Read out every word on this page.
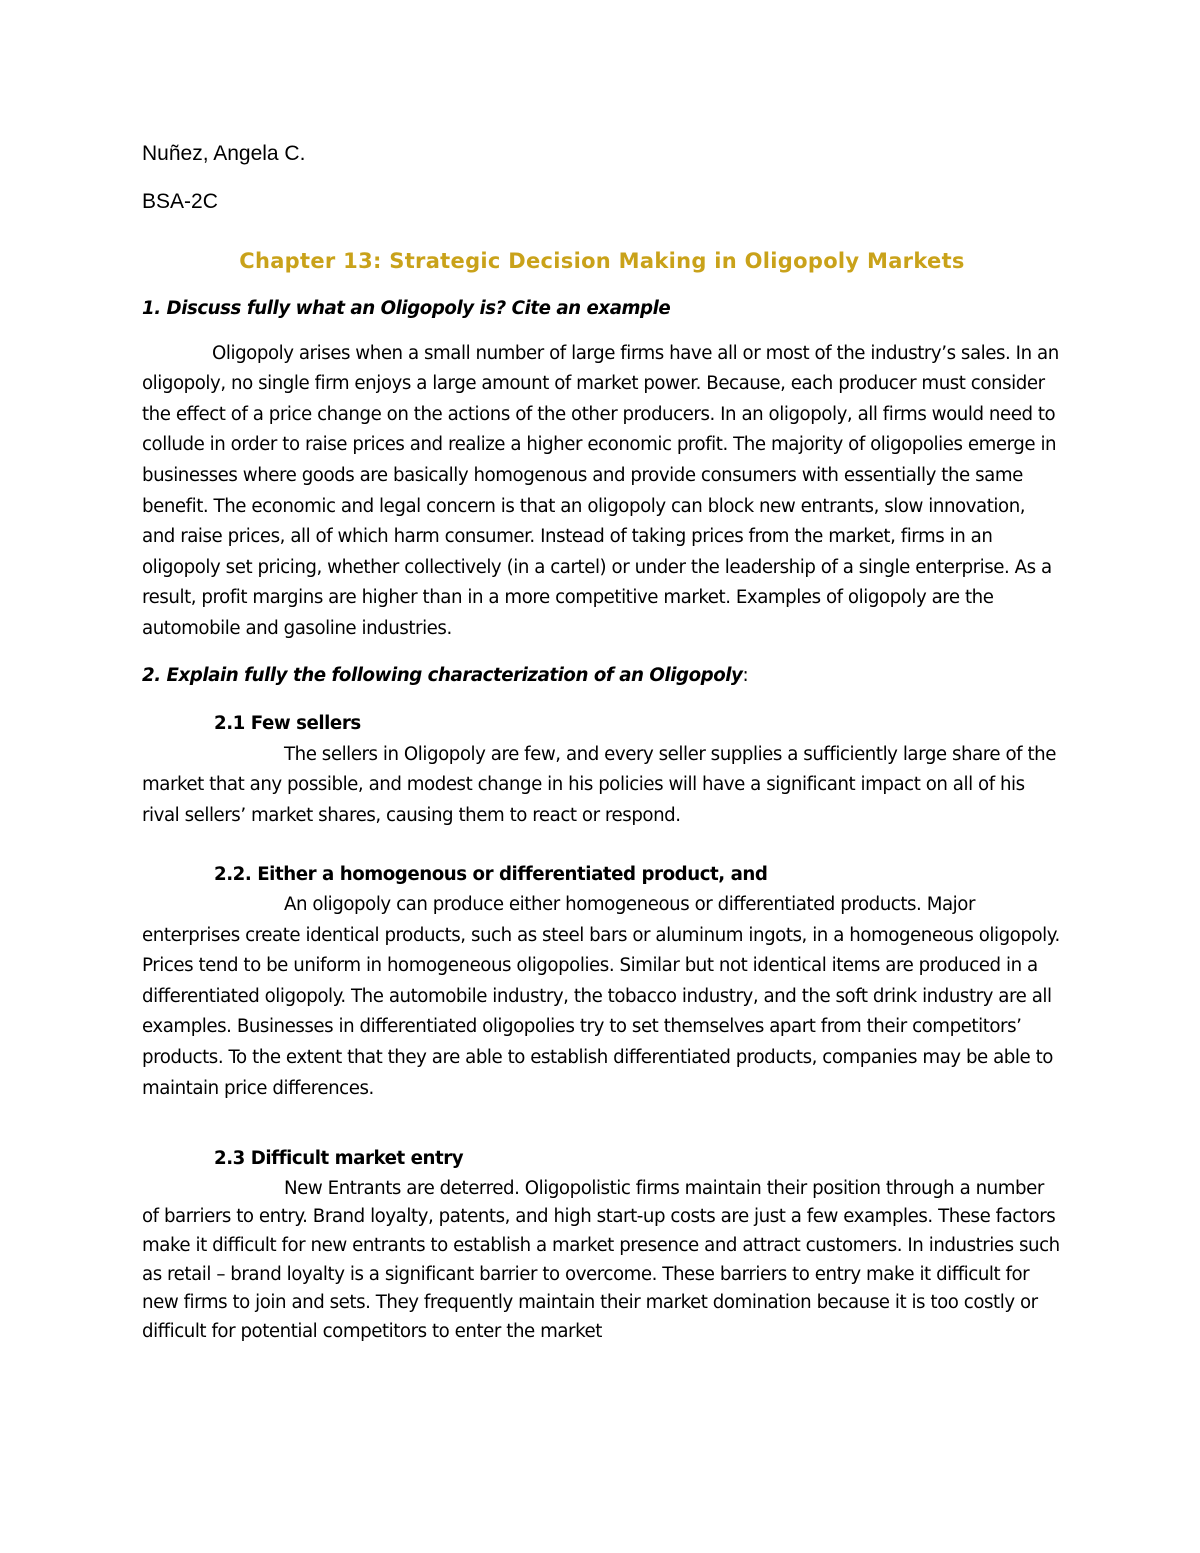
Nuñez, Angela C.

BSA-2C

Chapter 13: Strategic Decision Making in Oligopoly Markets

1. Discuss fully what an Oligopoly is? Cite an example

Oligopoly arises when a small number of large firms have all or most of the industry’s sales. In an oligopoly, no single firm enjoys a large amount of market power. Because, each producer must consider the effect of a price change on the actions of the other producers. In an oligopoly, all firms would need to collude in order to raise prices and realize a higher economic profit. The majority of oligopolies emerge in businesses where goods are basically homogenous and provide consumers with essentially the same benefit. The economic and legal concern is that an oligopoly can block new entrants, slow innovation, and raise prices, all of which harm consumer. Instead of taking prices from the market, firms in an oligopoly set pricing, whether collectively (in a cartel) or under the leadership of a single enterprise. As a result, profit margins are higher than in a more competitive market. Examples of oligopoly are the automobile and gasoline industries.

2. Explain fully the following characterization of an Oligopoly:

2.1 Few sellers

The sellers in Oligopoly are few, and every seller supplies a sufficiently large share of the market that any possible, and modest change in his policies will have a significant impact on all of his rival sellers’ market shares, causing them to react or respond.

2.2. Either a homogenous or differentiated product, and

An oligopoly can produce either homogeneous or differentiated products. Major enterprises create identical products, such as steel bars or aluminum ingots, in a homogeneous oligopoly. Prices tend to be uniform in homogeneous oligopolies. Similar but not identical items are produced in a differentiated oligopoly. The automobile industry, the tobacco industry, and the soft drink industry are all examples. Businesses in differentiated oligopolies try to set themselves apart from their competitors’ products. To the extent that they are able to establish differentiated products, companies may be able to maintain price differences.

2.3 Difficult market entry

New Entrants are deterred. Oligopolistic firms maintain their position through a number of barriers to entry. Brand loyalty, patents, and high start-up costs are just a few examples. These factors make it difficult for new entrants to establish a market presence and attract customers. In industries such as retail – brand loyalty is a significant barrier to overcome. These barriers to entry make it difficult for new firms to join and sets. They frequently maintain their market domination because it is too costly or difficult for potential competitors to enter the market
